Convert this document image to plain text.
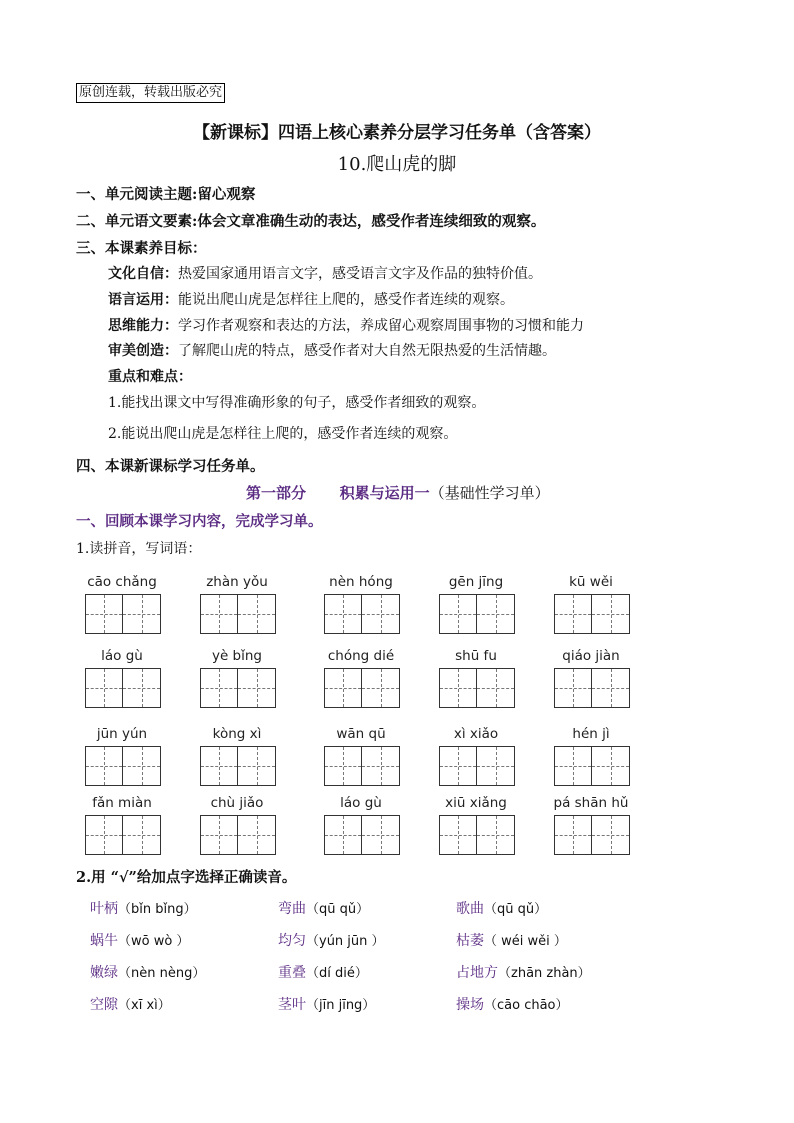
原创连载，转载出版必究
【新课标】四语上核心素养分层学习任务单（含答案）
10.爬山虎的脚
一、单元阅读主题:留心观察
二、单元语文要素:体会文章准确生动的表达，感受作者连续细致的观察。
三、本课素养目标：
文化自信：热爱国家通用语言文字，感受语言文字及作品的独特价值。
语言运用：能说出爬山虎是怎样往上爬的，感受作者连续的观察。
思维能力：学习作者观察和表达的方法，养成留心观察周围事物的习惯和能力
审美创造：了解爬山虎的特点，感受作者对大自然无限热爱的生活情趣。
重点和难点：
1.能找出课文中写得准确形象的句子，感受作者细致的观察。
2.能说出爬山虎是怎样往上爬的，感受作者连续的观察。
四、本课新课标学习任务单。
第一部分 积累与运用一（基础性学习单）
一、回顾本课学习内容，完成学习单。
1.读拼音，写词语：
cāo chǎng	zhàn yǒu	nèn hóng	gēn jīng	kū wěi
láo gù	yè bǐng	chóng dié	shū fu	qiáo jiàn
jūn yún	kòng xì	wān qū	xì xiǎo	hén jì
fǎn miàn	chù jiǎo	láo gù	xiū xiǎng	pá shān hǔ
2.用 “√”给加点字选择正确读音。
叶柄（bǐn bǐng）	弯曲（qū qǔ）	歌曲（qū qǔ）
蜗牛（wō wò ）	均匀（yún jūn ）	枯萎（ wéi wěi ）
嫩绿（nèn nèng）	重叠（dí dié）	占地方（zhān zhàn）
空隙（xī xì）	茎叶（jīn jīng）	操场（cāo chāo）
